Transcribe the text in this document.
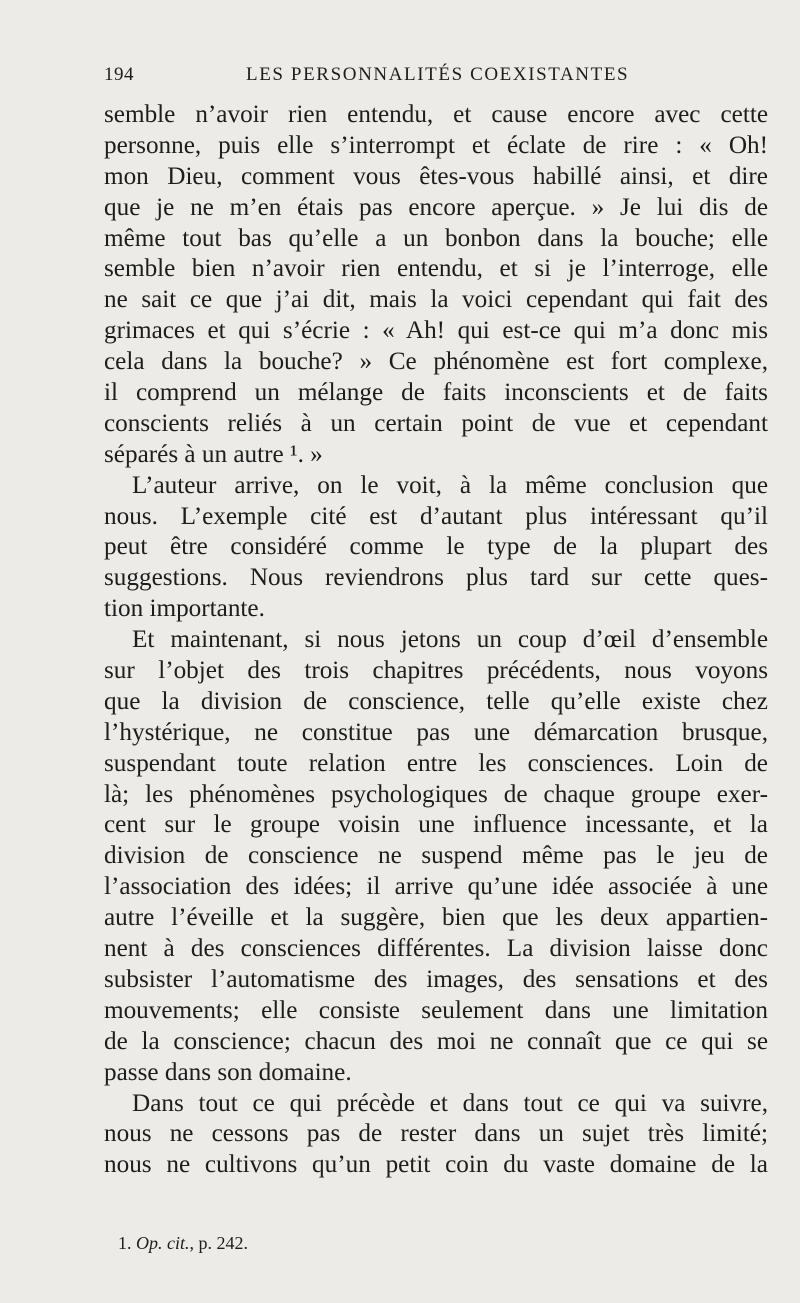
194	LES PERSONNALITÉS COEXISTANTES
semble n’avoir rien entendu, et cause encore avec cette
personne, puis elle s’interrompt et éclate de rire : « Oh!
mon Dieu, comment vous êtes-vous habillé ainsi, et dire
que je ne m’en étais pas encore aperçue. » Je lui dis de
même tout bas qu’elle a un bonbon dans la bouche; elle
semble bien n’avoir rien entendu, et si je l’interroge, elle
ne sait ce que j’ai dit, mais la voici cependant qui fait des
grimaces et qui s’écrie : « Ah! qui est-ce qui m’a donc mis
cela dans la bouche? » Ce phénomène est fort complexe,
il comprend un mélange de faits inconscients et de faits
conscients reliés à un certain point de vue et cependant
séparés à un autre ¹. »
L’auteur arrive, on le voit, à la même conclusion que
nous. L’exemple cité est d’autant plus intéressant qu’il
peut être considéré comme le type de la plupart des
suggestions. Nous reviendrons plus tard sur cette ques-
tion importante.
Et maintenant, si nous jetons un coup d’œil d’ensemble
sur l’objet des trois chapitres précédents, nous voyons
que la division de conscience, telle qu’elle existe chez
l’hystérique, ne constitue pas une démarcation brusque,
suspendant toute relation entre les consciences. Loin de
là; les phénomènes psychologiques de chaque groupe exer-
cent sur le groupe voisin une influence incessante, et la
division de conscience ne suspend même pas le jeu de
l’association des idées; il arrive qu’une idée associée à une
autre l’éveille et la suggère, bien que les deux appartien-
nent à des consciences différentes. La division laisse donc
subsister l’automatisme des images, des sensations et des
mouvements; elle consiste seulement dans une limitation
de la conscience; chacun des moi ne connaît que ce qui se
passe dans son domaine.
Dans tout ce qui précède et dans tout ce qui va suivre,
nous ne cessons pas de rester dans un sujet très limité;
nous ne cultivons qu’un petit coin du vaste domaine de la
1. Op. cit., p. 242.
